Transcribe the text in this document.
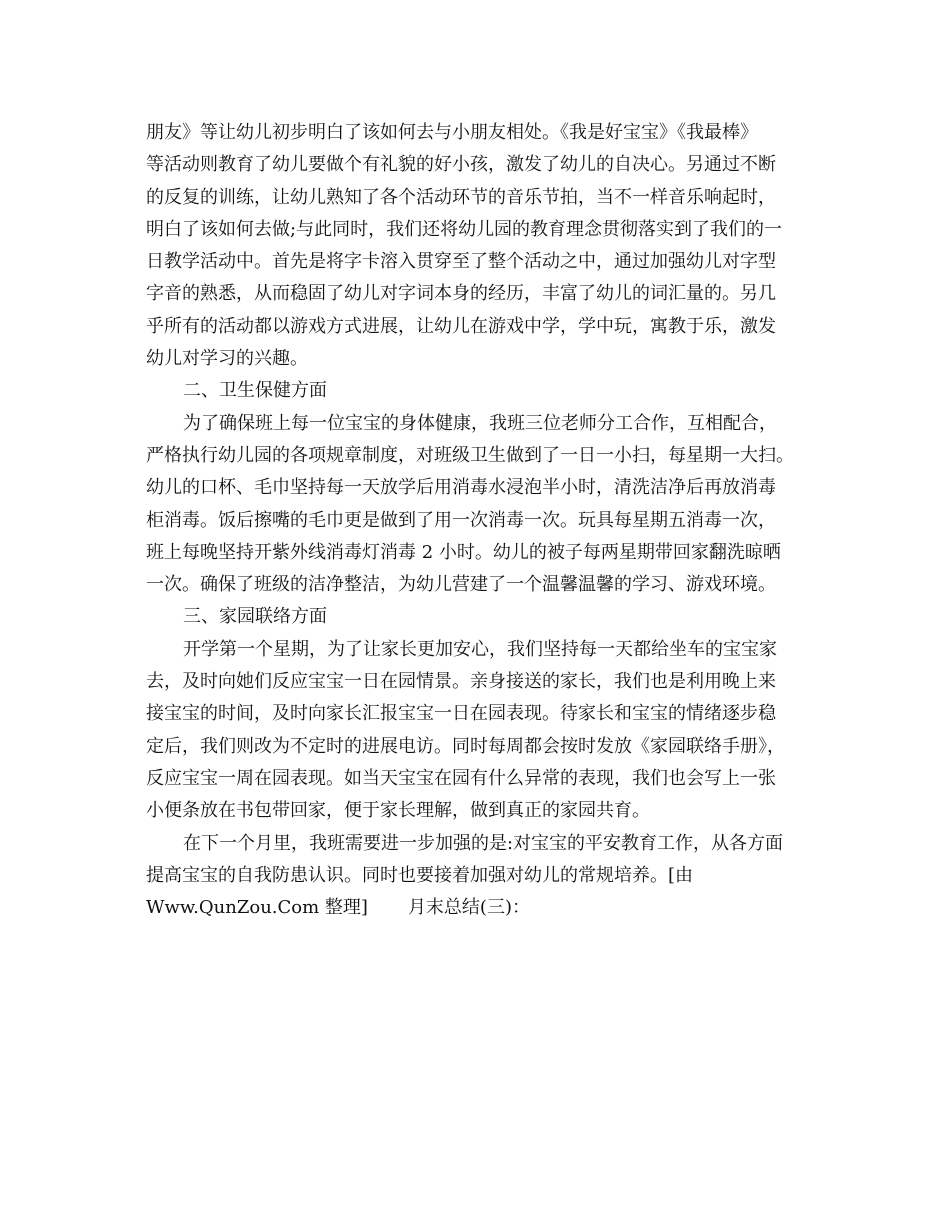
朋友》等让幼儿初步明白了该如何去与小朋友相处。《我是好宝宝》《我最棒》
等活动则教育了幼儿要做个有礼貌的好小孩，激发了幼儿的自决心。另通过不断
的反复的训练，让幼儿熟知了各个活动环节的音乐节拍，当不一样音乐响起时，
明白了该如何去做;与此同时，我们还将幼儿园的教育理念贯彻落实到了我们的一
日教学活动中。首先是将字卡溶入贯穿至了整个活动之中，通过加强幼儿对字型
字音的熟悉，从而稳固了幼儿对字词本身的经历，丰富了幼儿的词汇量的。另几
乎所有的活动都以游戏方式进展，让幼儿在游戏中学，学中玩，寓教于乐，激发
幼儿对学习的兴趣。
二、卫生保健方面
为了确保班上每一位宝宝的身体健康，我班三位老师分工合作，互相配合，
严格执行幼儿园的各项规章制度，对班级卫生做到了一日一小扫，每星期一大扫。
幼儿的口杯、毛巾坚持每一天放学后用消毒水浸泡半小时，清洗洁净后再放消毒
柜消毒。饭后擦嘴的毛巾更是做到了用一次消毒一次。玩具每星期五消毒一次，
班上每晚坚持开紫外线消毒灯消毒 2 小时。幼儿的被子每两星期带回家翻洗晾晒
一次。确保了班级的洁净整洁，为幼儿营建了一个温馨温馨的学习、游戏环境。
三、家园联络方面
开学第一个星期，为了让家长更加安心，我们坚持每一天都给坐车的宝宝家
去，及时向她们反应宝宝一日在园情景。亲身接送的家长，我们也是利用晚上来
接宝宝的时间，及时向家长汇报宝宝一日在园表现。待家长和宝宝的情绪逐步稳
定后，我们则改为不定时的进展电访。同时每周都会按时发放《家园联络手册》，
反应宝宝一周在园表现。如当天宝宝在园有什么异常的表现，我们也会写上一张
小便条放在书包带回家，便于家长理解，做到真正的家园共育。
在下一个月里，我班需要进一步加强的是:对宝宝的平安教育工作，从各方面
提高宝宝的自我防患认识。同时也要接着加强对幼儿的常规培养。[由
Www.QunZou.Com 整理] 月末总结(三)：
